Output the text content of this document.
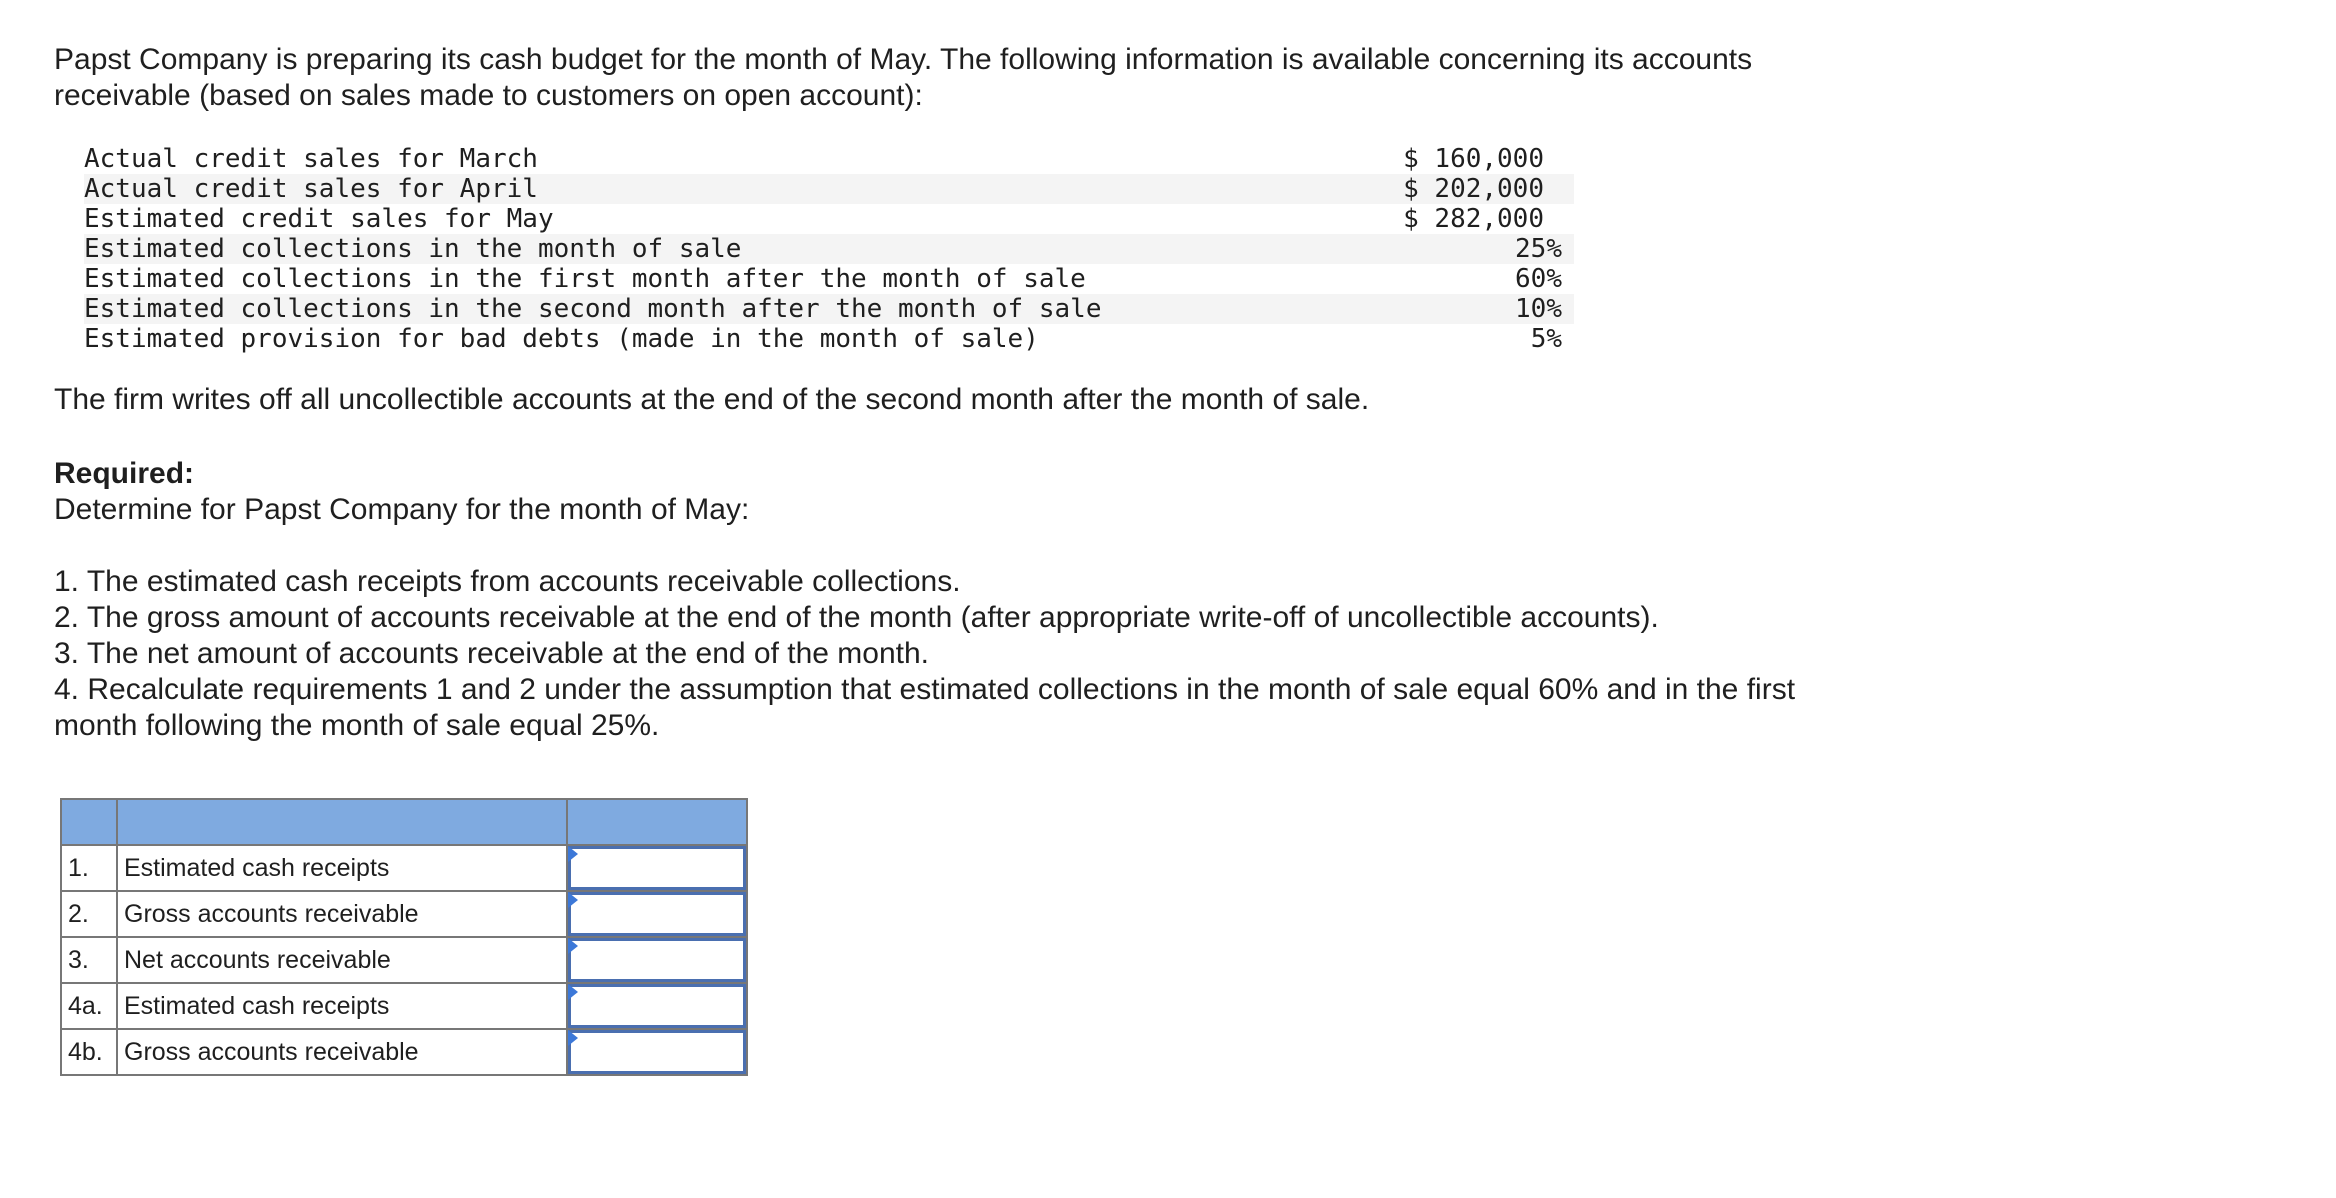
Papst Company is preparing its cash budget for the month of May. The following information is available concerning its accounts
receivable (based on sales made to customers on open account):
Actual credit sales for March	$ 160,000
Actual credit sales for April	$ 202,000
Estimated credit sales for May	$ 282,000
Estimated collections in the month of sale	25%
Estimated collections in the first month after the month of sale	60%
Estimated collections in the second month after the month of sale	10%
Estimated provision for bad debts (made in the month of sale)	5%

The firm writes off all uncollectible accounts at the end of the second month after the month of sale.

Required:
Determine for Papst Company for the month of May:
1. The estimated cash receipts from accounts receivable collections.
2. The gross amount of accounts receivable at the end of the month (after appropriate write-off of uncollectible accounts).
3. The net amount of accounts receivable at the end of the month.
4. Recalculate requirements 1 and 2 under the assumption that estimated collections in the month of sale equal 60% and in the first
month following the month of sale equal 25%.

1.	Estimated cash receipts	

2.	Gross accounts receivable	

3.	Net accounts receivable	

4a.	Estimated cash receipts	

4b.	Gross accounts receivable	
